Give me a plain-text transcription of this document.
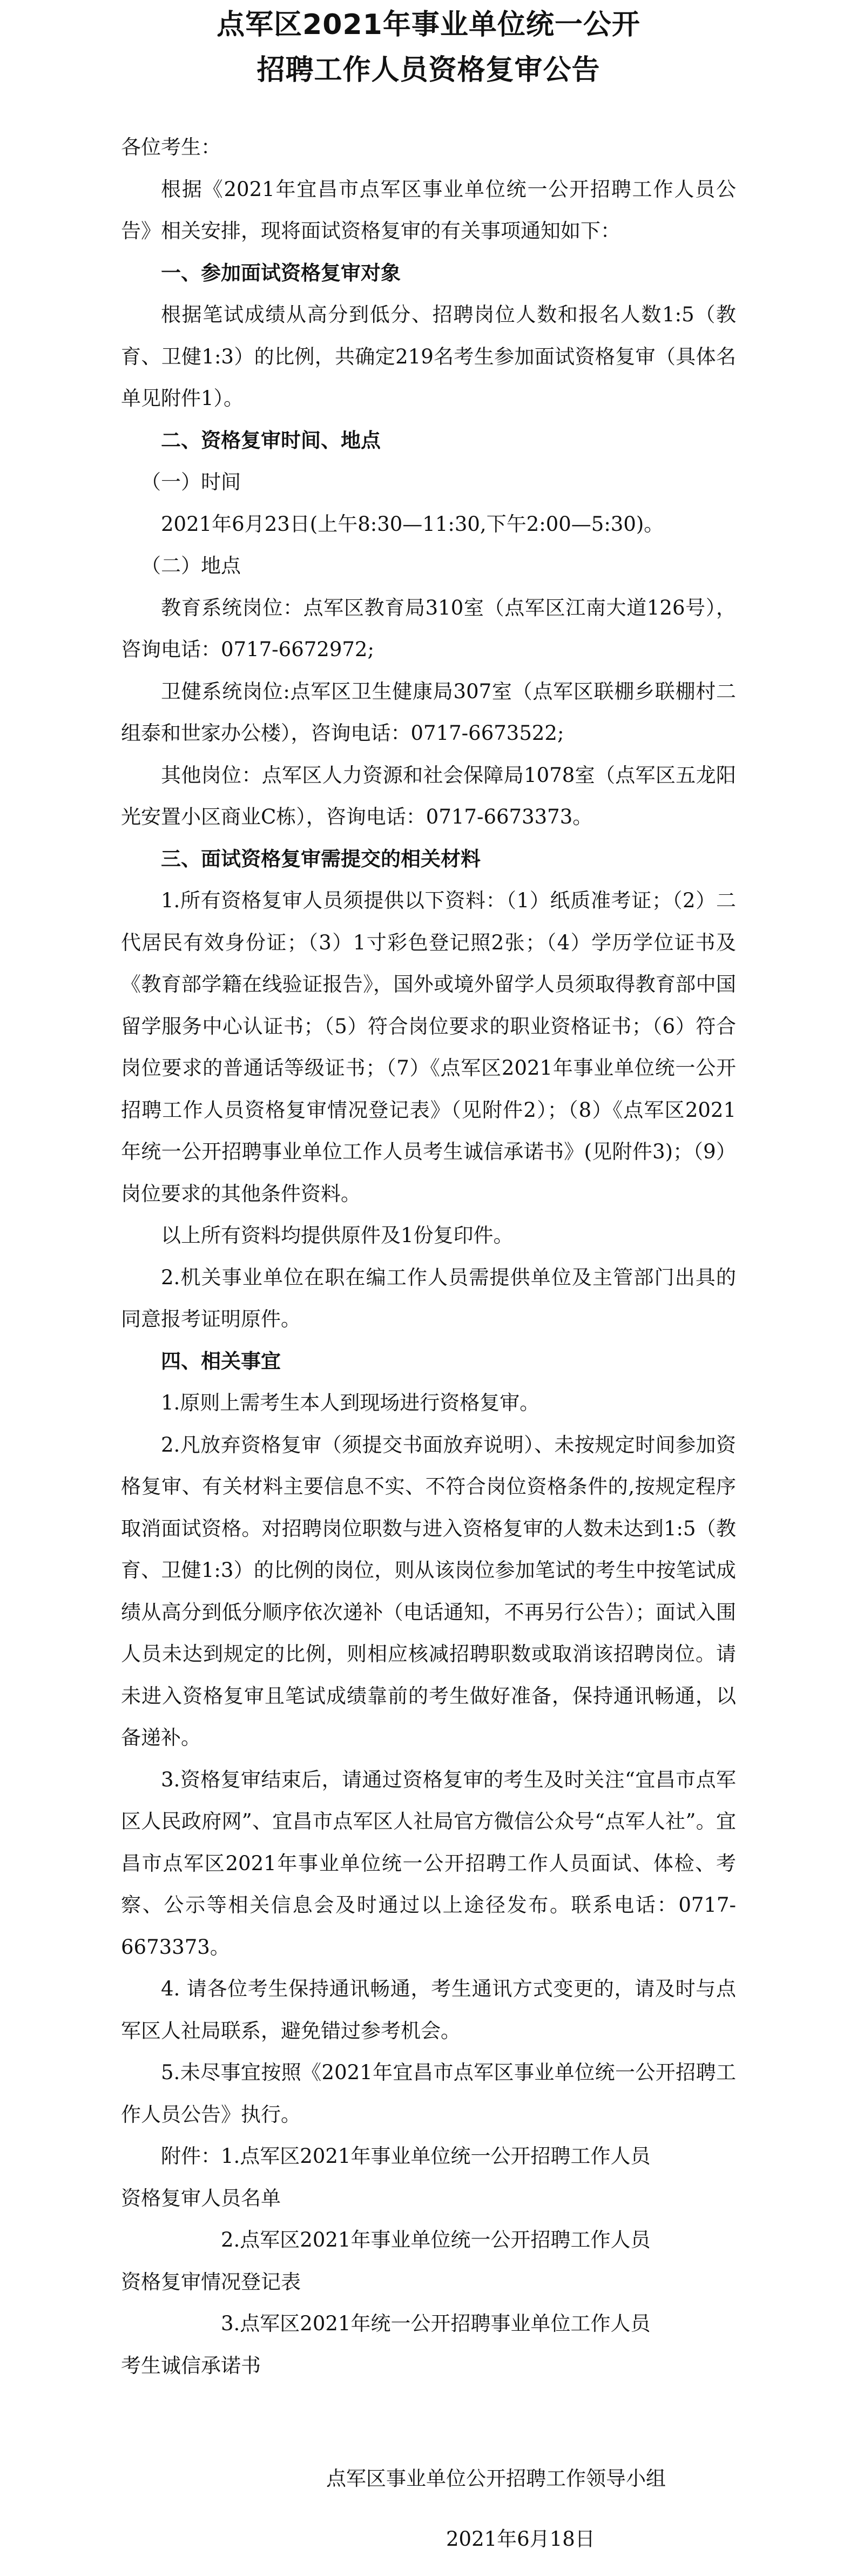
点军区2021年事业单位统一公开
招聘工作人员资格复审公告

各位考生：

根据《2021年宜昌市点军区事业单位统一公开招聘工作人员公告》相关安排，现将面试资格复审的有关事项通知如下：

一、参加面试资格复审对象

根据笔试成绩从高分到低分、招聘岗位人数和报名人数1:5（教育、卫健1:3）的比例，共确定219名考生参加面试资格复审（具体名单见附件1）。

二、资格复审时间、地点

（一）时间

2021年6月23日(上午8:30—11:30,下午2:00—5:30)。

（二）地点

教育系统岗位：点军区教育局310室（点军区江南大道126号），咨询电话：0717-6672972;

卫健系统岗位:点军区卫生健康局307室（点军区联棚乡联棚村二组泰和世家办公楼），咨询电话：0717-6673522;

其他岗位：点军区人力资源和社会保障局1078室（点军区五龙阳光安置小区商业C栋），咨询电话：0717-6673373。

三、面试资格复审需提交的相关材料

1.所有资格复审人员须提供以下资料：（1）纸质准考证；（2）二代居民有效身份证；（3）1寸彩色登记照2张；（4）学历学位证书及《教育部学籍在线验证报告》，国外或境外留学人员须取得教育部中国留学服务中心认证书；（5）符合岗位要求的职业资格证书；（6）符合岗位要求的普通话等级证书；（7）《点军区2021年事业单位统一公开招聘工作人员资格复审情况登记表》（见附件2）；（8）《点军区2021年统一公开招聘事业单位工作人员考生诚信承诺书》(见附件3)；（9）岗位要求的其他条件资料。

以上所有资料均提供原件及1份复印件。

2.机关事业单位在职在编工作人员需提供单位及主管部门出具的同意报考证明原件。

四、相关事宜

1.原则上需考生本人到现场进行资格复审。

2.凡放弃资格复审（须提交书面放弃说明）、未按规定时间参加资格复审、有关材料主要信息不实、不符合岗位资格条件的,按规定程序取消面试资格。对招聘岗位职数与进入资格复审的人数未达到1:5（教育、卫健1:3）的比例的岗位，则从该岗位参加笔试的考生中按笔试成绩从高分到低分顺序依次递补（电话通知，不再另行公告）；面试入围人员未达到规定的比例，则相应核减招聘职数或取消该招聘岗位。请未进入资格复审且笔试成绩靠前的考生做好准备，保持通讯畅通，以备递补。

3.资格复审结束后，请通过资格复审的考生及时关注“宜昌市点军区人民政府网”、宜昌市点军区人社局官方微信公众号“点军人社”。宜昌市点军区2021年事业单位统一公开招聘工作人员面试、体检、考察、公示等相关信息会及时通过以上途径发布。联系电话：0717-6673373。

4. 请各位考生保持通讯畅通，考生通讯方式变更的，请及时与点军区人社局联系，避免错过参考机会。

5.未尽事宜按照《2021年宜昌市点军区事业单位统一公开招聘工作人员公告》执行。

附件：1.点军区2021年事业单位统一公开招聘工作人员

资格复审人员名单

2.点军区2021年事业单位统一公开招聘工作人员

资格复审情况登记表

3.点军区2021年统一公开招聘事业单位工作人员

考生诚信承诺书

点军区事业单位公开招聘工作领导小组
2021年6月18日
